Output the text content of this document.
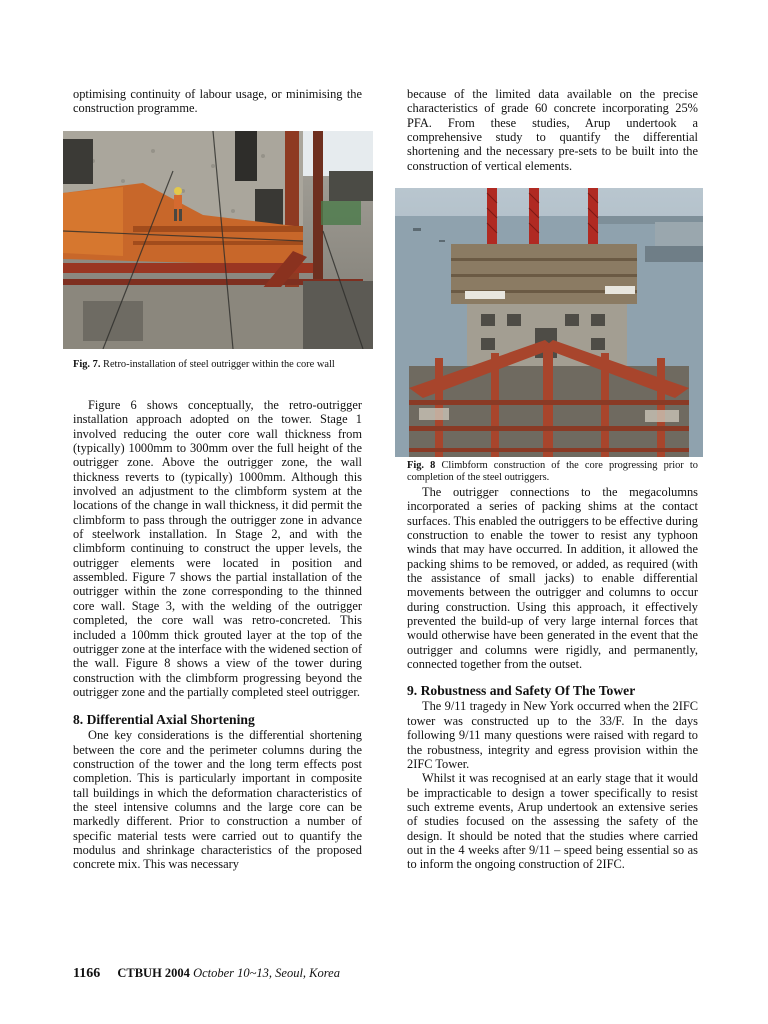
optimising continuity of labour usage, or minimising the construction programme.

Fig. 7. Retro-installation of steel outrigger within the core wall

Figure 6 shows conceptually, the retro-outrigger installation approach adopted on the tower. Stage 1 involved reducing the outer core wall thickness from (typically) 1000mm to 300mm over the full height of the outrigger zone. Above the outrigger zone, the wall thickness reverts to (typically) 1000mm. Although this involved an adjustment to the climbform system at the locations of the change in wall thickness, it did permit the climbform to pass through the outrigger zone in advance of steelwork installation. In Stage 2, and with the climbform continuing to construct the upper levels, the outrigger elements were located in position and assembled. Figure 7 shows the partial installation of the outrigger within the zone corresponding to the thinned core wall. Stage 3, with the welding of the outrigger completed, the core wall was retro-concreted. This included a 100mm thick grouted layer at the top of the outrigger zone at the interface with the widened section of the wall. Figure 8 shows a view of the tower during construction with the climbform progressing beyond the outrigger zone and the partially completed steel outrigger.

8. Differential Axial Shortening

One key considerations is the differential shortening between the core and the perimeter columns during the construction of the tower and the long term effects post completion. This is particularly important in composite tall buildings in which the deformation characteristics of the steel intensive columns and the large core can be markedly different. Prior to construction a number of specific material tests were carried out to quantify the modulus and shrinkage characteristics of the proposed concrete mix. This was necessary

because of the limited data available on the precise characteristics of grade 60 concrete incorporating 25% PFA. From these studies, Arup undertook a comprehensive study to quantify the differential shortening and the necessary pre-sets to be built into the construction of vertical elements.

Fig. 8 Climbform construction of the core progressing prior to completion of the steel outriggers.

The outrigger connections to the megacolumns incorporated a series of packing shims at the contact surfaces. This enabled the outriggers to be effective during construction to enable the tower to resist any typhoon winds that may have occurred. In addition, it allowed the packing shims to be removed, or added, as required (with the assistance of small jacks) to enable differential movements between the outrigger and columns to occur during construction. Using this approach, it effectively prevented the build-up of very large internal forces that would otherwise have been generated in the event that the outrigger and columns were rigidly, and permanently, connected together from the outset.

9. Robustness and Safety Of The Tower

The 9/11 tragedy in New York occurred when the 2IFC tower was constructed up to the 33/F. In the days following 9/11 many questions were raised with regard to the robustness, integrity and egress provision within the 2IFC Tower.

Whilst it was recognised at an early stage that it would be impracticable to design a tower specifically to resist such extreme events, Arup undertook an extensive series of studies focused on the assessing the safety of the design. It should be noted that the studies where carried out in the 4 weeks after 9/11 – speed being essential so as to inform the ongoing construction of 2IFC.

1166 CTBUH 2004 October 10~13, Seoul, Korea
